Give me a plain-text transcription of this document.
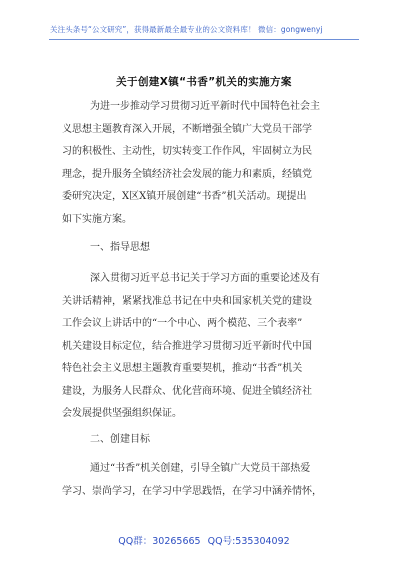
关注头条号“公文研究”，获得最新最全最专业的公文资料库！ 微信：gongwenyj
关于创建X镇“书香”机关的实施方案
为进一步推动学习贯彻习近平新时代中国特色社会主
义思想主题教育深入开展，不断增强全镇广大党员干部学
习的积极性、主动性，切实转变工作作风，牢固树立为民
理念，提升服务全镇经济社会发展的能力和素质，经镇党
委研究决定，X区X镇开展创建“书香”机关活动。现提出
如下实施方案。
一、指导思想
深入贯彻习近平总书记关于学习方面的重要论述及有
关讲话精神，紧紧找准总书记在中央和国家机关党的建设
工作会议上讲话中的“一个中心、两个模范、三个表率”
机关建设目标定位，结合推进学习贯彻习近平新时代中国
特色社会主义思想主题教育重要契机，推动“书香”机关
建设，为服务人民群众、优化营商环境、促进全镇经济社
会发展提供坚强组织保证。
二、创建目标
通过“书香”机关创建，引导全镇广大党员干部热爱
学习、崇尚学习，在学习中学思践悟，在学习中涵养情怀，
QQ群：30265665 QQ号:535304092
